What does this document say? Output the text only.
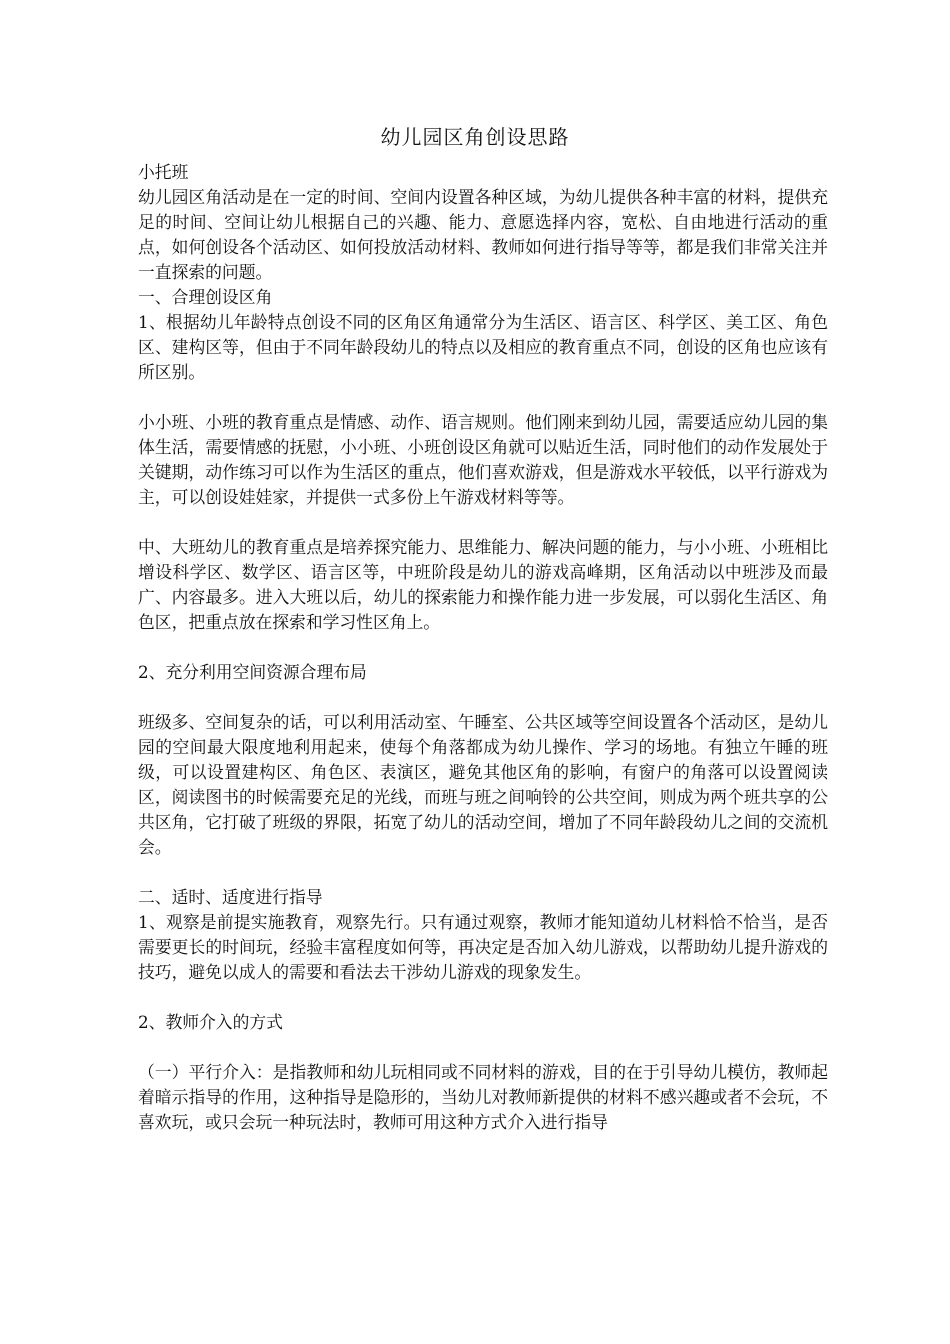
幼儿园区角创设思路

小托班

幼儿园区角活动是在一定的时间、空间内设置各种区域，为幼儿提供各种丰富的材料，提供充足的时间、空间让幼儿根据自己的兴趣、能力、意愿选择内容，宽松、自由地进行活动的重点，如何创设各个活动区、如何投放活动材料、教师如何进行指导等等，都是我们非常关注并一直探索的问题。

一、合理创设区角

1、根据幼儿年龄特点创设不同的区角区角通常分为生活区、语言区、科学区、美工区、角色区、建构区等，但由于不同年龄段幼儿的特点以及相应的教育重点不同，创设的区角也应该有所区别。

小小班、小班的教育重点是情感、动作、语言规则。他们刚来到幼儿园，需要适应幼儿园的集体生活，需要情感的抚慰，小小班、小班创设区角就可以贴近生活，同时他们的动作发展处于关键期，动作练习可以作为生活区的重点，他们喜欢游戏，但是游戏水平较低，以平行游戏为主，可以创设娃娃家，并提供一式多份上午游戏材料等等。

中、大班幼儿的教育重点是培养探究能力、思维能力、解决问题的能力，与小小班、小班相比增设科学区、数学区、语言区等，中班阶段是幼儿的游戏高峰期，区角活动以中班涉及而最广、内容最多。进入大班以后，幼儿的探索能力和操作能力进一步发展，可以弱化生活区、角色区，把重点放在探索和学习性区角上。

2、充分利用空间资源合理布局

班级多、空间复杂的话，可以利用活动室、午睡室、公共区域等空间设置各个活动区，是幼儿园的空间最大限度地利用起来，使每个角落都成为幼儿操作、学习的场地。有独立午睡的班级，可以设置建构区、角色区、表演区，避免其他区角的影响，有窗户的角落可以设置阅读区，阅读图书的时候需要充足的光线，而班与班之间响铃的公共空间，则成为两个班共享的公共区角，它打破了班级的界限，拓宽了幼儿的活动空间，增加了不同年龄段幼儿之间的交流机会。

二、适时、适度进行指导

1、观察是前提实施教育，观察先行。只有通过观察，教师才能知道幼儿材料恰不恰当，是否需要更长的时间玩，经验丰富程度如何等，再决定是否加入幼儿游戏，以帮助幼儿提升游戏的技巧，避免以成人的需要和看法去干涉幼儿游戏的现象发生。

2、教师介入的方式

（一）平行介入：是指教师和幼儿玩相同或不同材料的游戏，目的在于引导幼儿模仿，教师起着暗示指导的作用，这种指导是隐形的，当幼儿对教师新提供的材料不感兴趣或者不会玩，不喜欢玩，或只会玩一种玩法时，教师可用这种方式介入进行指导
